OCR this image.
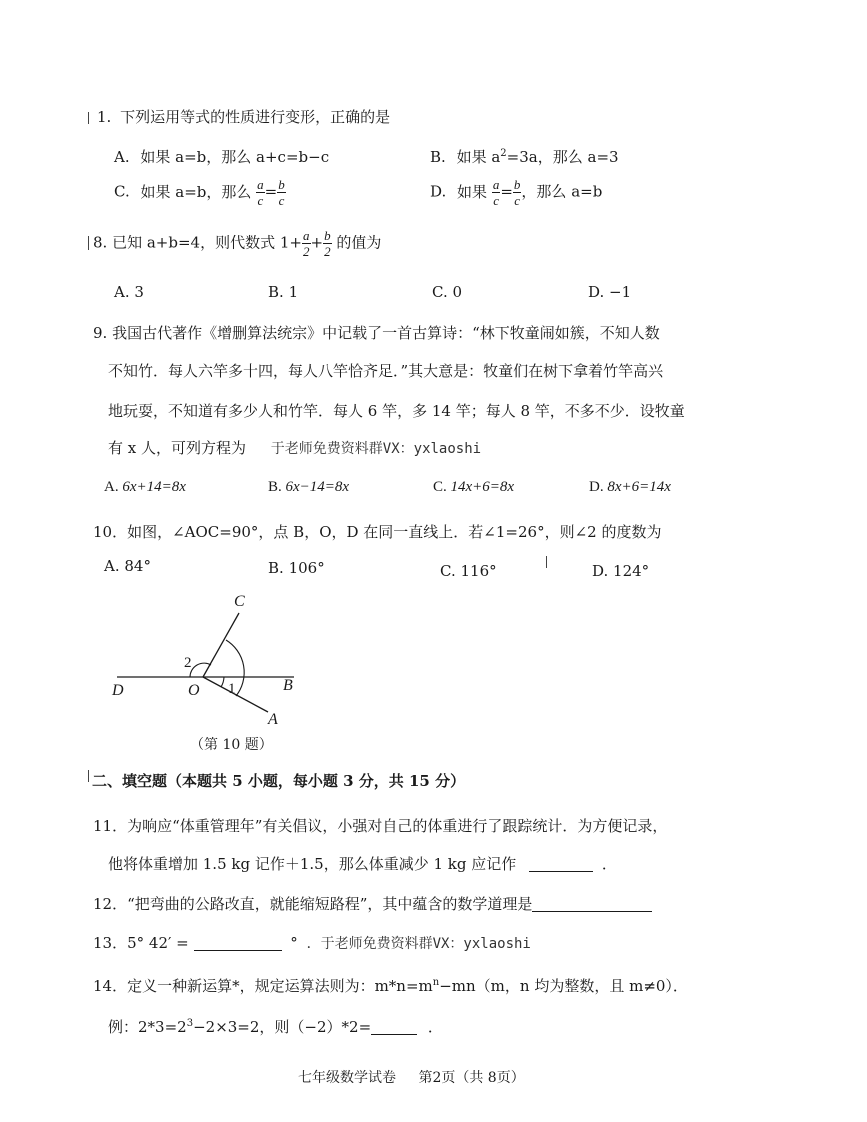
1. 下列运用等式的性质进行变形，正确的是
A. 如果 a=b，那么 a+c=b−c	B. 如果 $a^2=3a$，那么 a=3
C. 如果 a=b，那么 $\frac{a}{c} = \frac{b}{c}$	D. 如果 $\frac{a}{c} = \frac{b}{c}$ ，那么 a=b
8. 已知 a+b=4，则代数式 $1+ \frac{a}{2} + \frac{b}{2}$ 的值为
A. 3	B. 1	C. 0	D. −1
9. 我国古代著作《增删算法统宗》中记载了一首古算诗：“林下牧童闹如簇，不知人数
不知竹．每人六竿多十四，每人八竿恰齐足．”其大意是：牧童们在树下拿着竹竿高兴
地玩耍，不知道有多少人和竹竿．每人 6 竿，多 14 竿；每人 8 竿，不多不少．设牧童
有 x 人，可列方程为 于老师免费资料群VX：yxlaoshi
A. 6x+14=8x	B. 6x−14=8x	C. 14x+6=8x	D. 8x+6=14x
10．如图，∠AOC=90°，点 B，O，D 在同一直线上．若∠1=26°，则∠2 的度数为
A. 84°	B. 106°	C. 116°	D. 124°
C
D	O	B
A
1
2
（第 10 题）
二、填空题（本题共 5 小题，每小题 3 分，共 15 分）
11．为响应“体重管理年”有关倡议，小强对自己的体重进行了跟踪统计．为方便记录，
他将体重增加 1.5 kg 记作＋1.5，那么体重减少 1 kg 应记作	．
12．“把弯曲的公路改直，就能缩短路程”，其中蕴含的数学道理是
13．5° 42′ =	° ．于老师免费资料群VX：yxlaoshi
14．定义一种新运算*，规定运算法则为：$m*n=m^n-mn(m$，n 均为整数，且 m≠0）．
例：$2*3=2^3-2\times 3=2$，则（−2）*2=	．
七年级数学试卷 第2页（共 8页）
